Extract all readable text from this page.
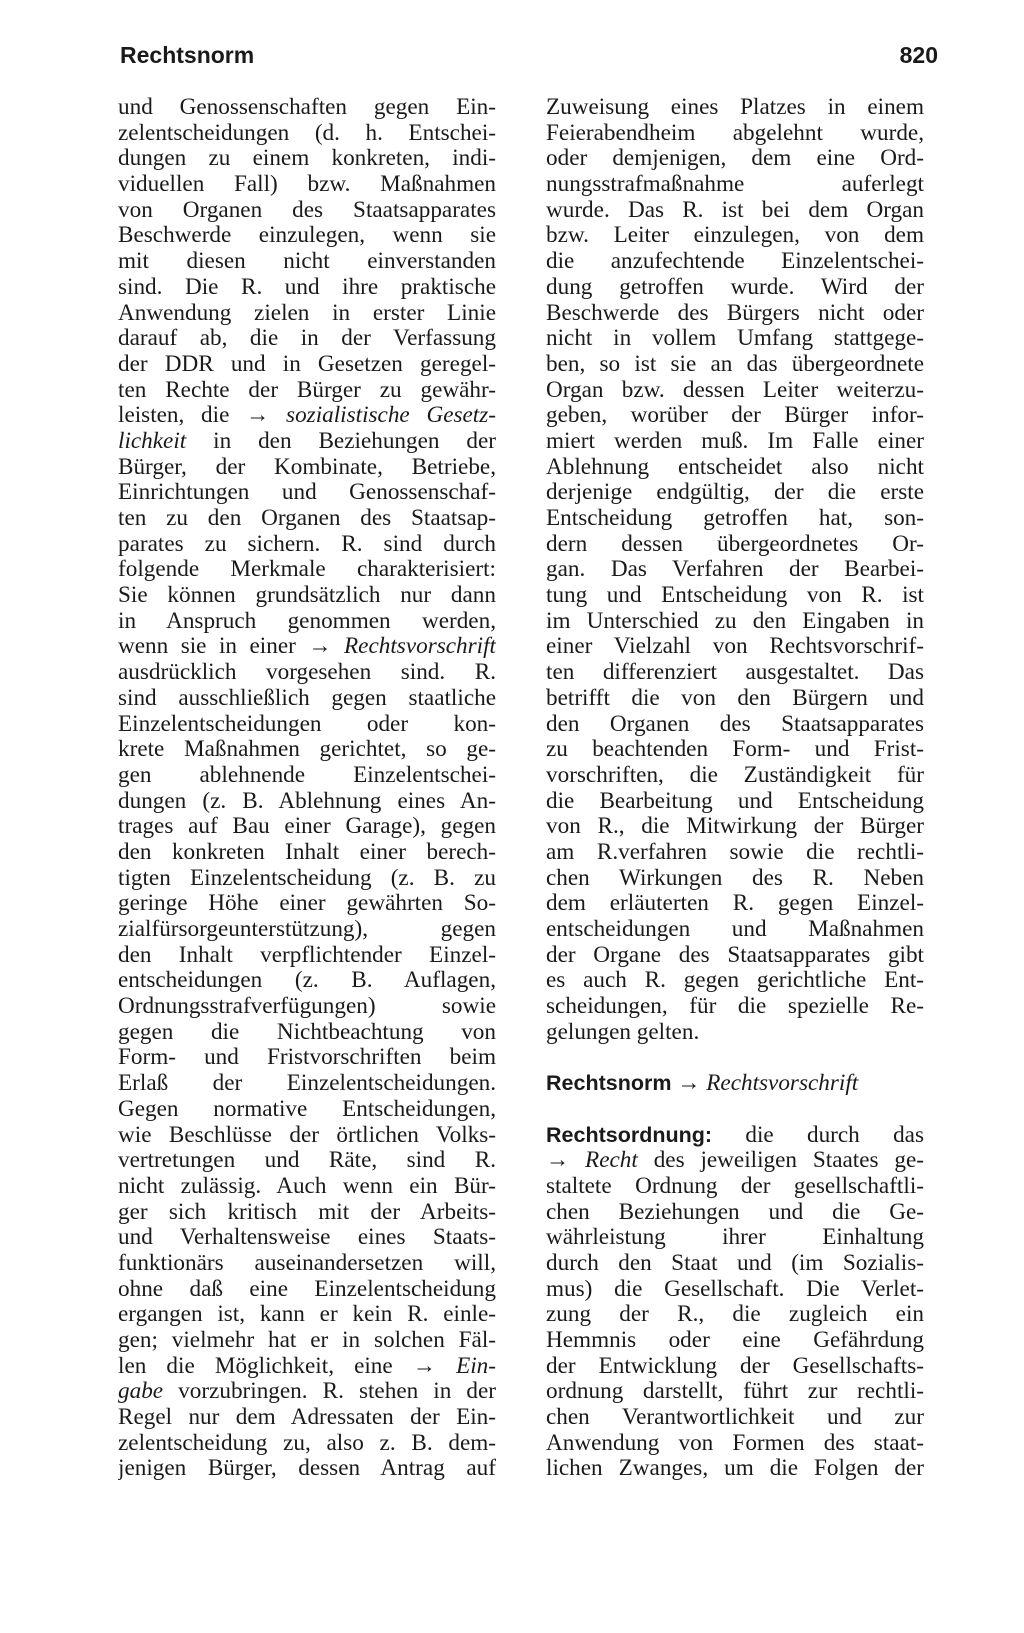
Rechtsnorm	820
und Genossenschaften gegen Ein-
zelentscheidungen (d. h. Entschei-
dungen zu einem konkreten, indi-
viduellen Fall) bzw. Maßnahmen
von Organen des Staatsapparates
Beschwerde einzulegen, wenn sie
mit diesen nicht einverstanden
sind. Die R. und ihre praktische
Anwendung zielen in erster Linie
darauf ab, die in der Verfassung
der DDR und in Gesetzen geregel-
ten Rechte der Bürger zu gewähr-
leisten, die → sozialistische Gesetz-
lichkeit in den Beziehungen der
Bürger, der Kombinate, Betriebe,
Einrichtungen und Genossenschaf-
ten zu den Organen des Staatsap-
parates zu sichern. R. sind durch
folgende Merkmale charakterisiert:
Sie können grundsätzlich nur dann
in Anspruch genommen werden,
wenn sie in einer → Rechtsvorschrift
ausdrücklich vorgesehen sind. R.
sind ausschließlich gegen staatliche
Einzelentscheidungen oder kon-
krete Maßnahmen gerichtet, so ge-
gen ablehnende Einzelentschei-
dungen (z. B. Ablehnung eines An-
trages auf Bau einer Garage), gegen
den konkreten Inhalt einer berech-
tigten Einzelentscheidung (z. B. zu
geringe Höhe einer gewährten So-
zialfürsorgeunterstützung), gegen
den Inhalt verpflichtender Einzel-
entscheidungen (z. B. Auflagen,
Ordnungsstrafverfügungen) sowie
gegen die Nichtbeachtung von
Form- und Fristvorschriften beim
Erlaß der Einzelentscheidungen.
Gegen normative Entscheidungen,
wie Beschlüsse der örtlichen Volks-
vertretungen und Räte, sind R.
nicht zulässig. Auch wenn ein Bür-
ger sich kritisch mit der Arbeits-
und Verhaltensweise eines Staats-
funktionärs auseinandersetzen will,
ohne daß eine Einzelentscheidung
ergangen ist, kann er kein R. einle-
gen; vielmehr hat er in solchen Fäl-
len die Möglichkeit, eine → Ein-
gabe vorzubringen. R. stehen in der
Regel nur dem Adressaten der Ein-
zelentscheidung zu, also z. B. dem-
jenigen Bürger, dessen Antrag auf
Zuweisung eines Platzes in einem
Feierabendheim abgelehnt wurde,
oder demjenigen, dem eine Ord-
nungsstrafmaßnahme auferlegt
wurde. Das R. ist bei dem Organ
bzw. Leiter einzulegen, von dem
die anzufechtende Einzelentschei-
dung getroffen wurde. Wird der
Beschwerde des Bürgers nicht oder
nicht in vollem Umfang stattgege-
ben, so ist sie an das übergeordnete
Organ bzw. dessen Leiter weiterzu-
geben, worüber der Bürger infor-
miert werden muß. Im Falle einer
Ablehnung entscheidet also nicht
derjenige endgültig, der die erste
Entscheidung getroffen hat, son-
dern dessen übergeordnetes Or-
gan. Das Verfahren der Bearbei-
tung und Entscheidung von R. ist
im Unterschied zu den Eingaben in
einer Vielzahl von Rechtsvorschrif-
ten differenziert ausgestaltet. Das
betrifft die von den Bürgern und
den Organen des Staatsapparates
zu beachtenden Form- und Frist-
vorschriften, die Zuständigkeit für
die Bearbeitung und Entscheidung
von R., die Mitwirkung der Bürger
am R.verfahren sowie die rechtli-
chen Wirkungen des R. Neben
dem erläuterten R. gegen Einzel-
entscheidungen und Maßnahmen
der Organe des Staatsapparates gibt
es auch R. gegen gerichtliche Ent-
scheidungen, für die spezielle Re-
gelungen gelten.
Rechtsnorm → Rechtsvorschrift
Rechtsordnung: die durch das
→ Recht des jeweiligen Staates ge-
staltete Ordnung der gesellschaftli-
chen Beziehungen und die Ge-
währleistung ihrer Einhaltung
durch den Staat und (im Sozialis-
mus) die Gesellschaft. Die Verlet-
zung der R., die zugleich ein
Hemmnis oder eine Gefährdung
der Entwicklung der Gesellschafts-
ordnung darstellt, führt zur rechtli-
chen Verantwortlichkeit und zur
Anwendung von Formen des staat-
lichen Zwanges, um die Folgen der
